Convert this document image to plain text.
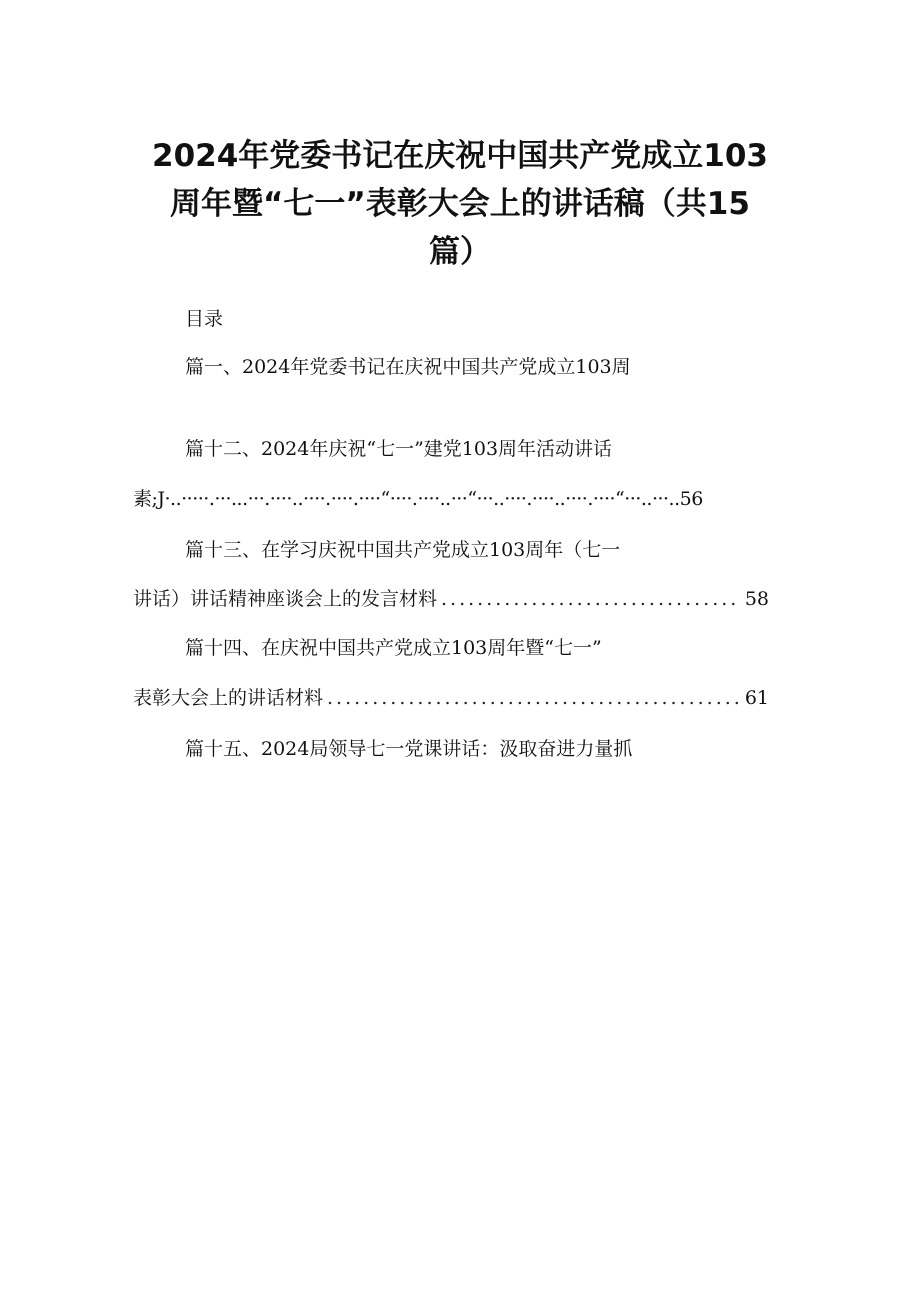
2024年党委书记在庆祝中国共产党成立103
周年暨“七一”表彰大会上的讲话稿（共15
篇）
目录
篇一、2024年党委书记在庆祝中国共产党成立103周
篇十二、2024年庆祝“七一”建党103周年活动讲话
素;J·..·····.···...···.····..····.····.····“····.····..···“···..····.····..····.····“···..···..56
篇十三、在学习庆祝中国共产党成立103周年（七一
讲话）讲话精神座谈会上的发言材料 .....	58
篇十四、在庆祝中国共产党成立103周年暨“七一”
表彰大会上的讲话材料 .....	61
篇十五、2024局领导七一党课讲话：汲取奋进力量抓
